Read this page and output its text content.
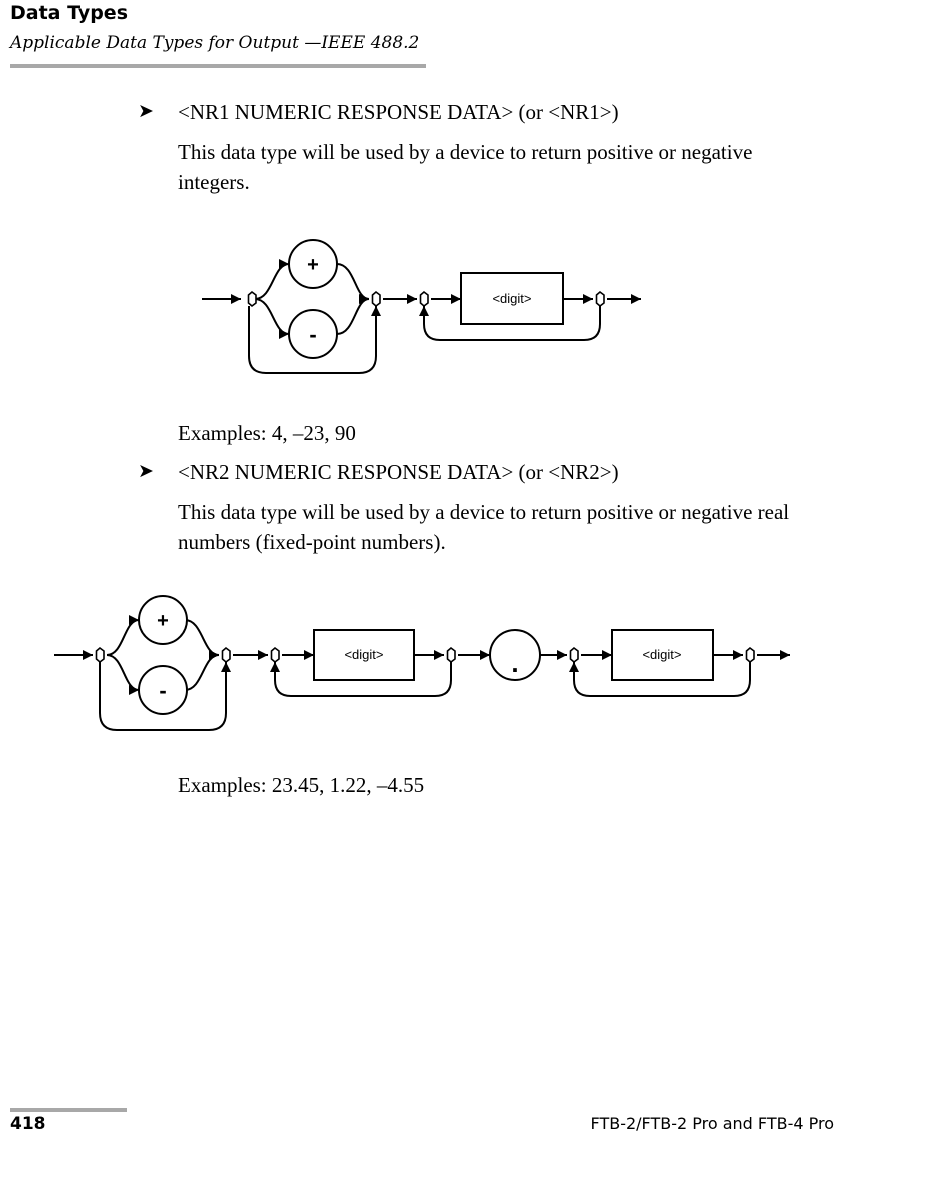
Data Types
Applicable Data Types for Output —IEEE 488.2
➤ <NR1 NUMERIC RESPONSE DATA> (or <NR1>)
This data type will be used by a device to return positive or negative integers.
+
-
<digit>
Examples: 4, –23, 90
➤ <NR2 NUMERIC RESPONSE DATA> (or <NR2>)
This data type will be used by a device to return positive or negative real numbers (fixed-point numbers).
+
-
<digit>	.	<digit>
Examples: 23.45, 1.22, –4.55
418	FTB-2/FTB-2 Pro and FTB-4 Pro
